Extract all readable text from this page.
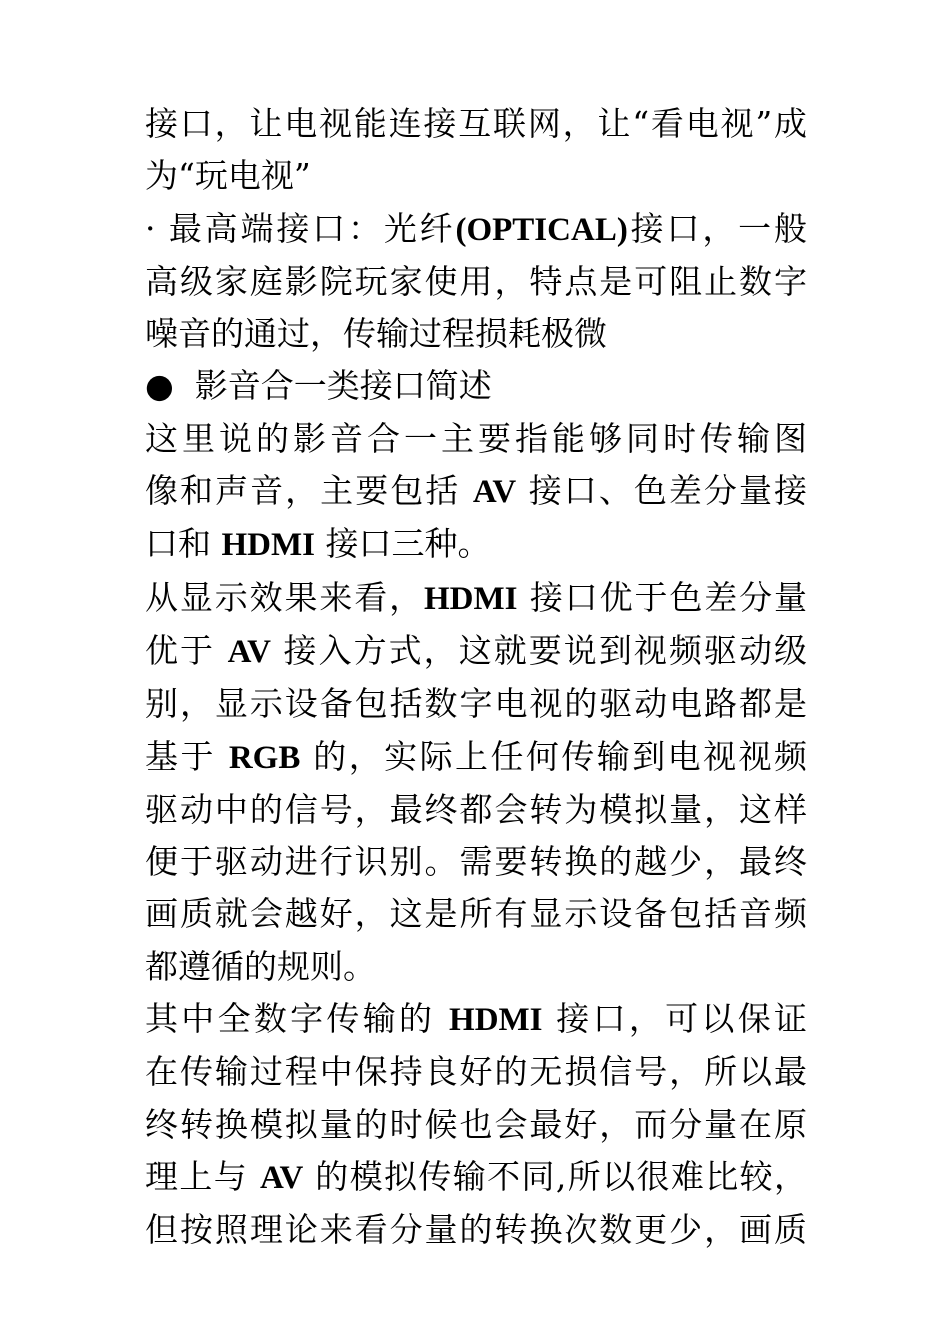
接口，让电视能连接互联网，让“看电视”成
为“玩电视”
· 最高端接口：光纤(OPTICAL)接口，一般
高级家庭影院玩家使用，特点是可阻止数字
噪音的通过，传输过程损耗极微
●  影音合一类接口简述
这里说的影音合一主要指能够同时传输图
像和声音，主要包括 AV 接口、色差分量接
口和 HDMI 接口三种。
从显示效果来看，HDMI 接口优于色差分量
优于 AV 接入方式，这就要说到视频驱动级
别，显示设备包括数字电视的驱动电路都是
基于 RGB 的，实际上任何传输到电视视频
驱动中的信号，最终都会转为模拟量，这样
便于驱动进行识别。需要转换的越少，最终
画质就会越好，这是所有显示设备包括音频
都遵循的规则。
其中全数字传输的 HDMI 接口，可以保证
在传输过程中保持良好的无损信号，所以最
终转换模拟量的时候也会最好，而分量在原
理上与 AV 的模拟传输不同,所以很难比较，
但按照理论来看分量的转换次数更少，画质
